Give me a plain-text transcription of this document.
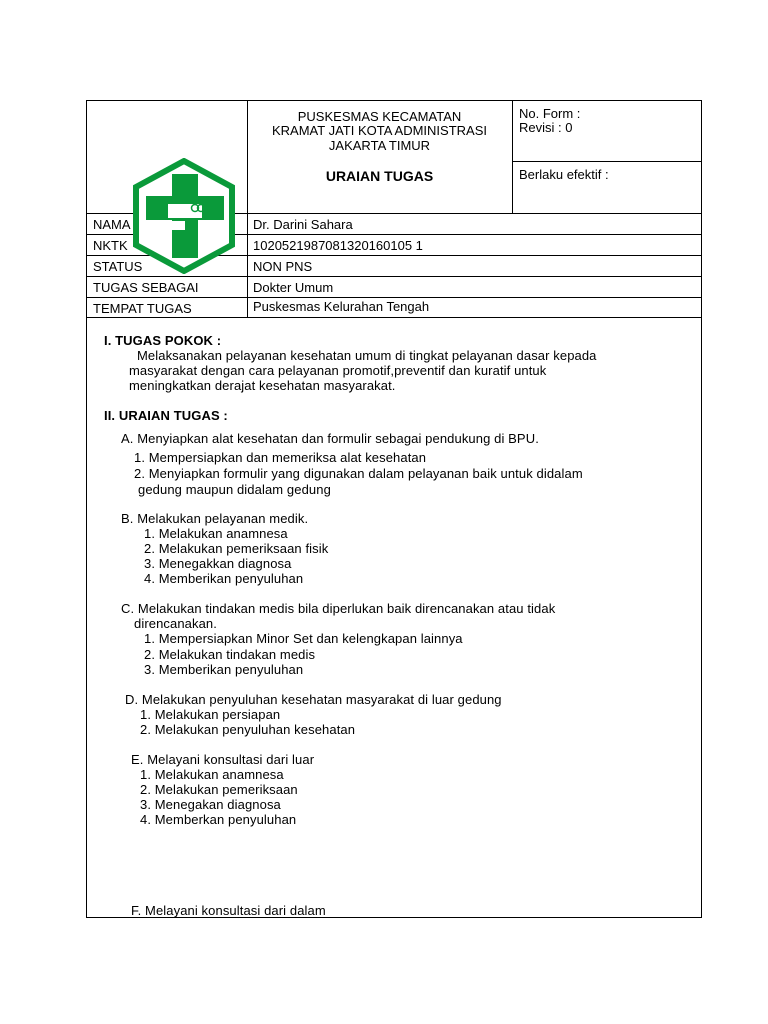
PUSKESMAS KECAMATAN
KRAMAT JATI KOTA ADMINISTRASI
JAKARTA TIMUR
URAIAN TUGAS
No. Form :
Revisi : 0
Berlaku efektif :
NAMA	Dr. Darini Sahara
NKTK	1020521987081320160105 1
STATUS	NON PNS
TUGAS SEBAGAI	Dokter Umum
TEMPAT TUGAS	Puskesmas Kelurahan Tengah
I. TUGAS POKOK :
Melaksanakan pelayanan kesehatan umum di tingkat pelayanan dasar kepada
masyarakat dengan cara pelayanan promotif,preventif dan kuratif untuk
meningkatkan derajat kesehatan masyarakat.
II. URAIAN TUGAS :
A. Menyiapkan alat kesehatan dan formulir sebagai pendukung di BPU.
1. Mempersiapkan dan memeriksa alat kesehatan
2. Menyiapkan formulir yang digunakan dalam pelayanan baik untuk didalam
gedung maupun didalam gedung
B. Melakukan pelayanan medik.
1. Melakukan anamnesa
2. Melakukan pemeriksaan fisik
3. Menegakkan diagnosa
4. Memberikan penyuluhan
C. Melakukan tindakan medis bila diperlukan baik direncanakan atau tidak
direncanakan.
1. Mempersiapkan Minor Set dan kelengkapan lainnya
2. Melakukan tindakan medis
3. Memberikan penyuluhan
D. Melakukan penyuluhan kesehatan masyarakat di luar gedung
1. Melakukan persiapan
2. Melakukan penyuluhan kesehatan
E. Melayani konsultasi dari luar
1. Melakukan anamnesa
2. Melakukan pemeriksaan
3. Menegakan diagnosa
4. Memberkan penyuluhan
F. Melayani konsultasi dari dalam
